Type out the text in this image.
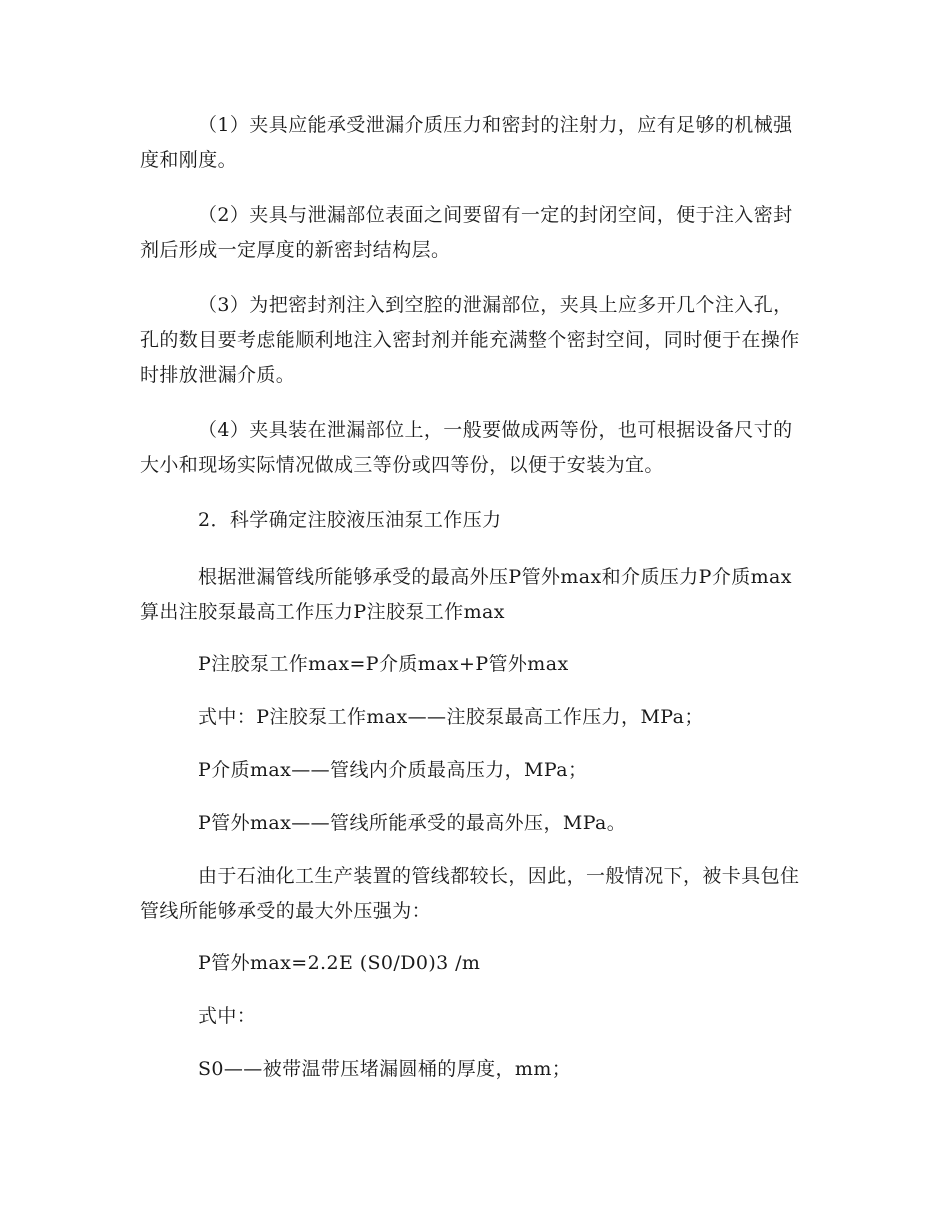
（1）夹具应能承受泄漏介质压力和密封的注射力，应有足够的机械强度和刚度。

（2）夹具与泄漏部位表面之间要留有一定的封闭空间，便于注入密封剂后形成一定厚度的新密封结构层。

（3）为把密封剂注入到空腔的泄漏部位，夹具上应多开几个注入孔，孔的数目要考虑能顺利地注入密封剂并能充满整个密封空间，同时便于在操作时排放泄漏介质。

（4）夹具装在泄漏部位上，一般要做成两等份，也可根据设备尺寸的大小和现场实际情况做成三等份或四等份，以便于安装为宜。

2．科学确定注胶液压油泵工作压力

根据泄漏管线所能够承受的最高外压P管外max和介质压力P介质max算出注胶泵最高工作压力P注胶泵工作max

P注胶泵工作max=P介质max+P管外max

式中：P注胶泵工作max——注胶泵最高工作压力，MPa；

P介质max——管线内介质最高压力，MPa；

P管外max——管线所能承受的最高外压，MPa。

由于石油化工生产装置的管线都较长，因此，一般情况下，被卡具包住管线所能够承受的最大外压强为：

P管外max=2.2E (S0/D0)3 /m

式中：

S0——被带温带压堵漏圆桶的厚度，mm；
